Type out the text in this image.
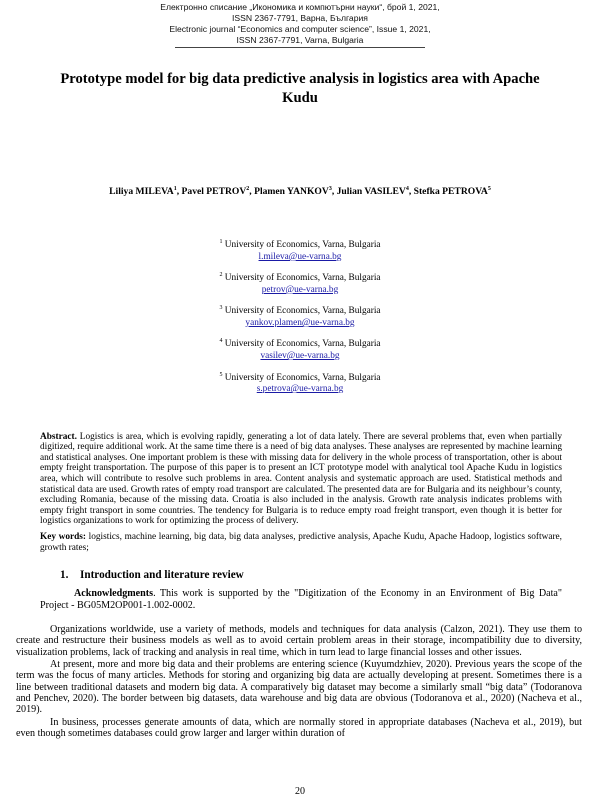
Електронно списание „Икономика и компютърни науки“, брой 1, 2021,
ISSN 2367-7791, Варна, България
Electronic journal “Economics and computer science”, Issue 1, 2021,
ISSN 2367-7791, Varna, Bulgaria
Prototype model for big data predictive analysis in logistics area with Apache Kudu
Liliya MILEVA$^1$, Pavel PETROV$^2$, Plamen YANKOV$^3$, Julian VASILEV$^4$, Stefka PETROVA$^5$
$^1$ University of Economics, Varna, Bulgaria
l.mileva@ue-varna.bg
$^2$ University of Economics, Varna, Bulgaria
petrov@ue-varna.bg
$^3$ University of Economics, Varna, Bulgaria
yankov.plamen@ue-varna.bg
$^4$ University of Economics, Varna, Bulgaria
vasilev@ue-varna.bg
$^5$ University of Economics, Varna, Bulgaria
s.petrova@ue-varna.bg
Abstract. Logistics is area, which is evolving rapidly, generating a lot of data lately. There are several problems that, even when partially digitized, require additional work. At the same time there is a need of big data analyses. These analyses are represented by machine learning and statistical analyses. One important problem is these with missing data for delivery in the whole process of transportation, other is about empty freight transportation. The purpose of this paper is to present an ICT prototype model with analytical tool Apache Kudu in logistics area, which will contribute to resolve such problems in area. Content analysis and systematic approach are used. Statistical methods and statistical data are used. Growth rates of empty road transport are calculated. The presented data are for Bulgaria and its neighbour’s county, excluding Romania, because of the missing data. Croatia is also included in the analysis. Growth rate analysis indicates problems with empty fright transport in some countries. The tendency for Bulgaria is to reduce empty road freight transport, even though it is better for logistics organizations to work for optimizing the process of delivery.
Key words: logistics, machine learning, big data, big data analyses, predictive analysis, Apache Kudu, Apache Hadoop, logistics software, growth rates;
1. Introduction and literature review
Acknowledgments. This work is supported by the "Digitization of the Economy in an Environment of Big Data" Project - BG05M2OP001-1.002-0002.

Organizations worldwide, use a variety of methods, models and techniques for data analysis (Calzon, 2021). They use them to create and restructure their business models as well as to avoid certain problem areas in their storage, incompatibility due to diversity, visualization problems, lack of tracking and analysis in real time, which in turn lead to large financial losses and other issues.

At present, more and more big data and their problems are entering science (Kuyumdzhiev, 2020). Previous years the scope of the term was the focus of many articles. Methods for storing and organizing big data are actually developing at present. Sometimes there is a line between traditional datasets and modern big data. A comparatively big dataset may become a similarly small “big data” (Todoranova and Penchev, 2020). The border between big datasets, data warehouse and big data are obvious (Todoranova et al., 2020) (Nacheva et al., 2019).

In business, processes generate amounts of data, which are normally stored in appropriate databases (Nacheva et al., 2019), but even though sometimes databases could grow larger and larger within duration of

20
